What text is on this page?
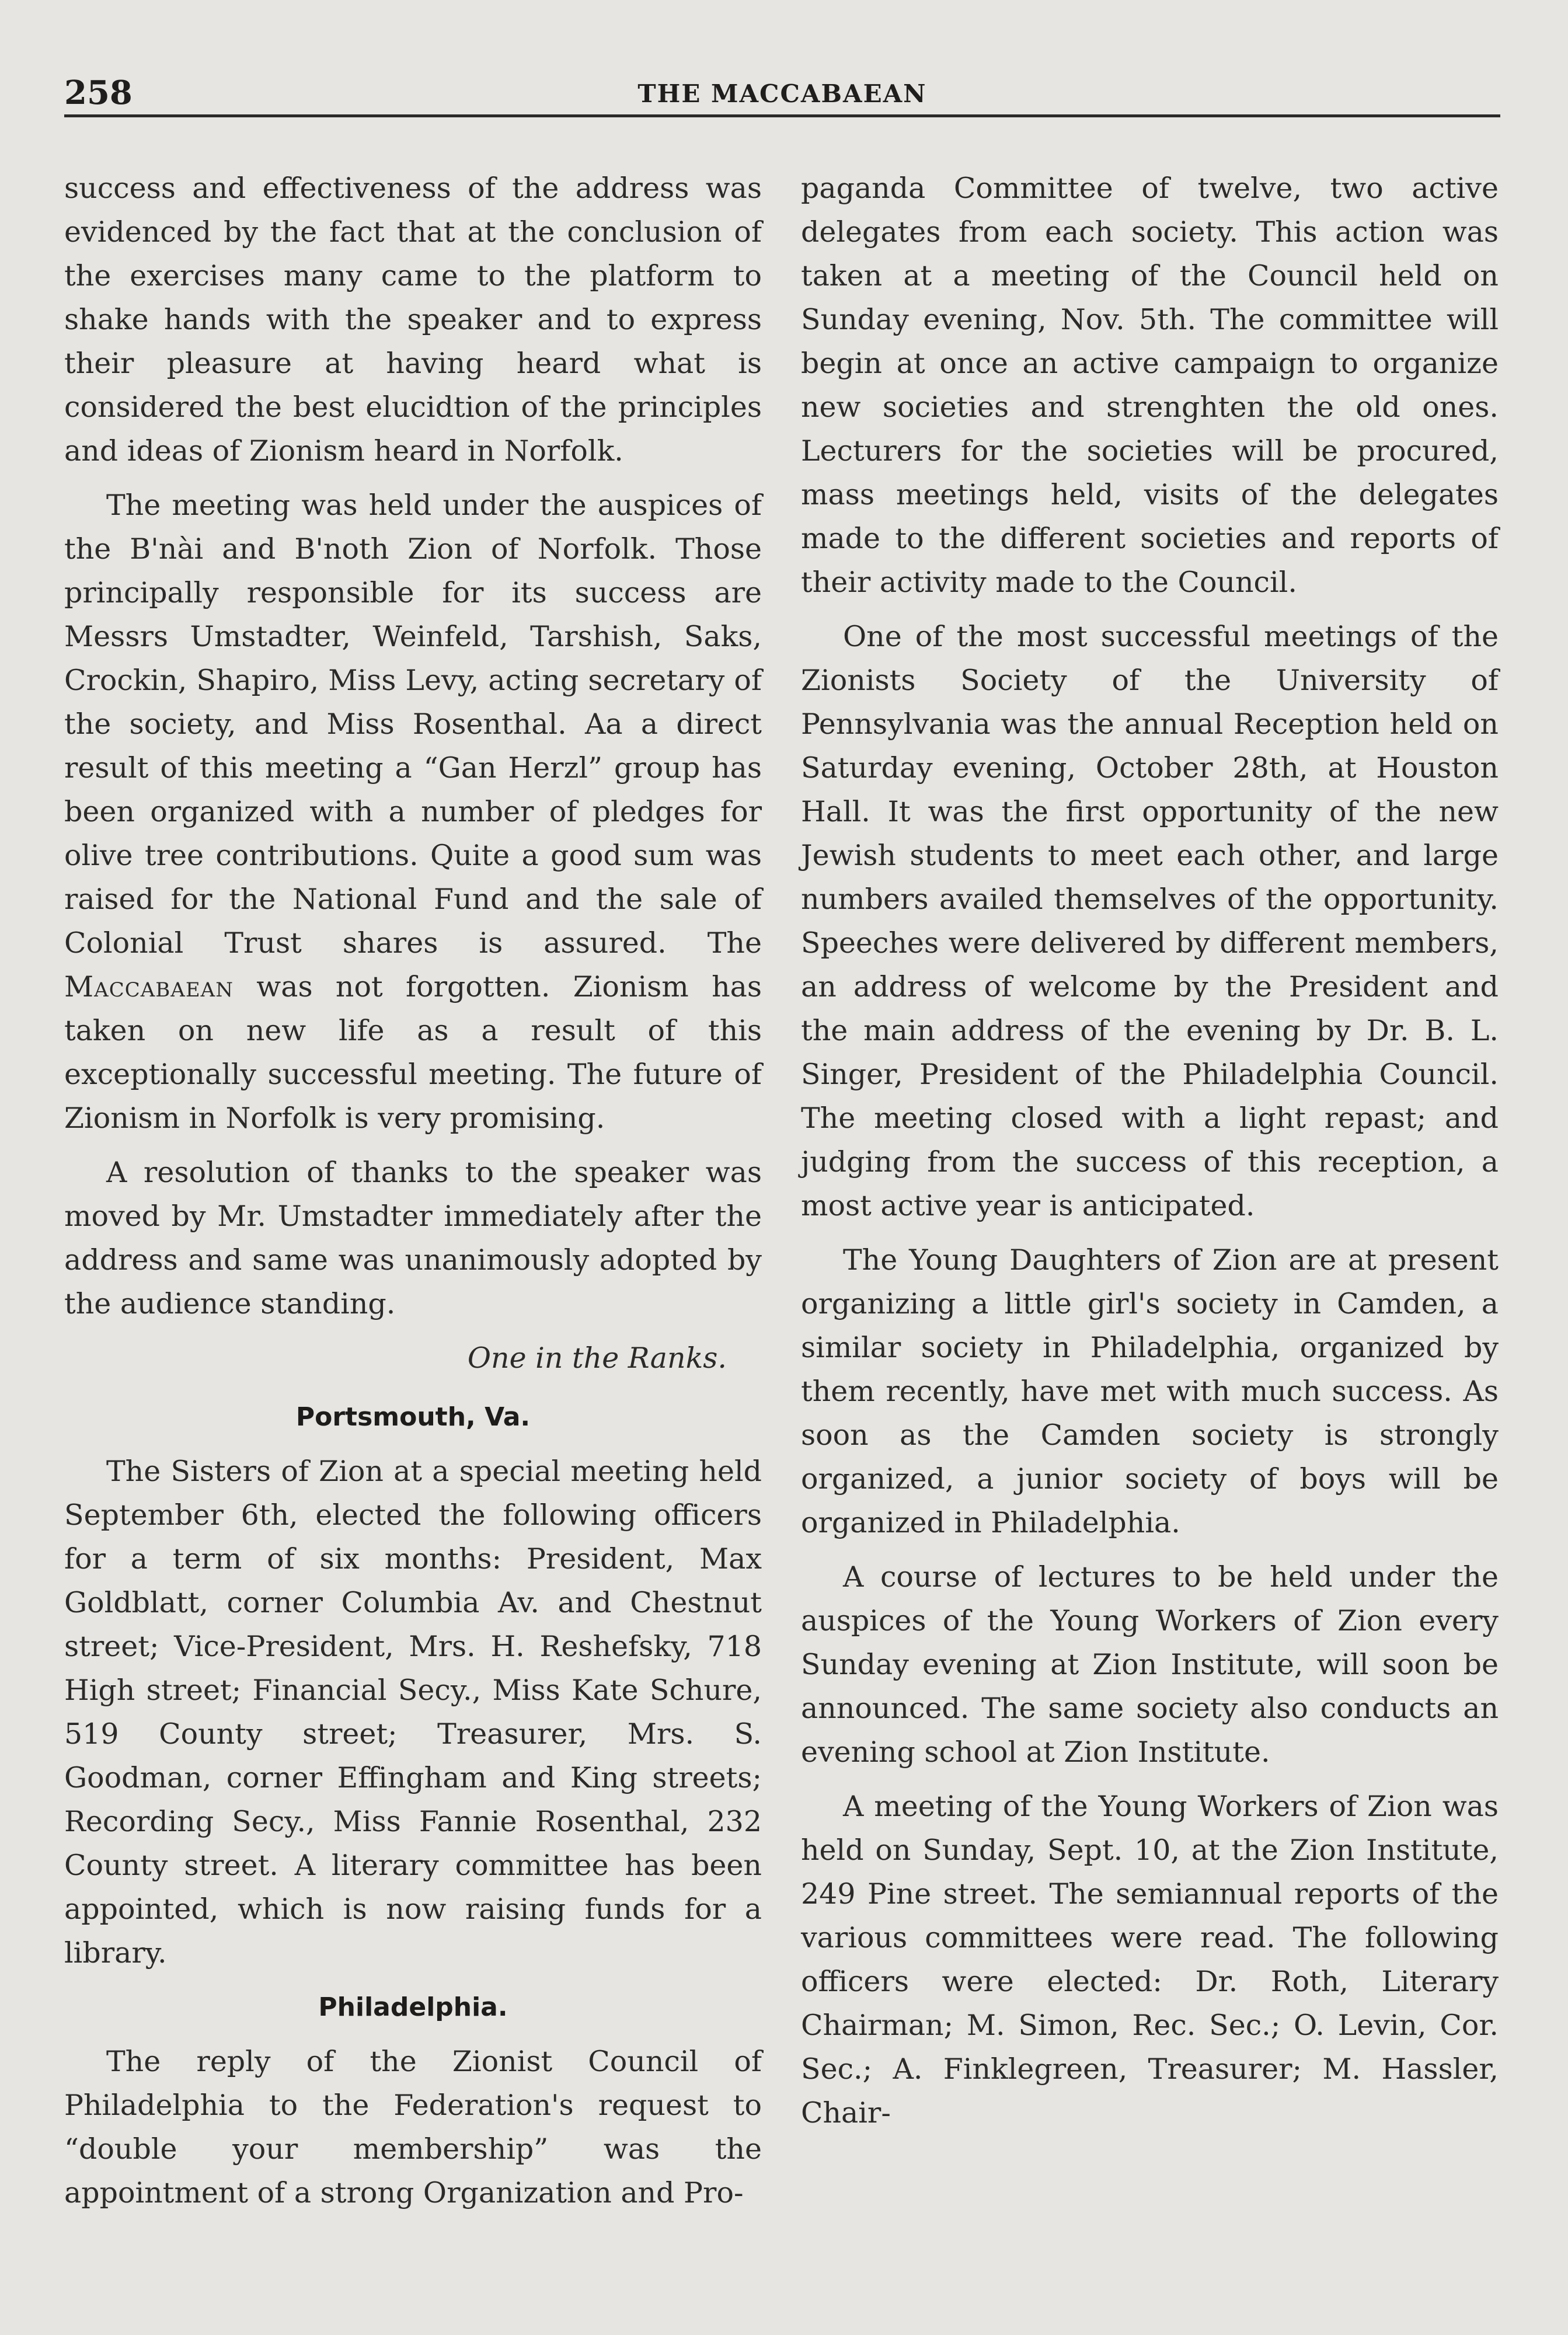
258	THE MACCABAEAN

success and effectiveness of the address was evidenced by the fact that at the conclusion of the exercises many came to the platform to shake hands with the speaker and to express their pleasure at having heard what is considered the best elucidtion of the principles and ideas of Zionism heard in Norfolk.

The meeting was held under the auspices of the B'nài and B'noth Zion of Norfolk. Those principally responsible for its success are Messrs Umstadter, Weinfeld, Tarshish, Saks, Crockin, Shapiro, Miss Levy, acting secretary of the society, and Miss Rosenthal. Aa a direct result of this meeting a “Gan Herzl” group has been organized with a number of pledges for olive tree contributions. Quite a good sum was raised for the National Fund and the sale of Colonial Trust shares is assured. The Maccabaean was not forgotten. Zionism has taken on new life as a result of this exceptionally successful meeting. The future of Zionism in Norfolk is very promising.

A resolution of thanks to the speaker was moved by Mr. Umstadter immediately after the address and same was unanimously adopted by the audience standing.

One in the Ranks.
Portsmouth, Va.

The Sisters of Zion at a special meeting held September 6th, elected the following officers for a term of six months: President, Max Goldblatt, corner Columbia Av. and Chestnut street; Vice-President, Mrs. H. Reshefsky, 718 High street; Financial Secy., Miss Kate Schure, 519 County street; Treasurer, Mrs. S. Goodman, corner Effingham and King streets; Recording Secy., Miss Fannie Rosenthal, 232 County street. A literary committee has been appointed, which is now raising funds for a library.

Philadelphia.

The reply of the Zionist Council of Philadelphia to the Federation's request to “double your membership” was the appointment of a strong Organization and Pro-

paganda Committee of twelve, two active delegates from each society. This action was taken at a meeting of the Council held on Sunday evening, Nov. 5th. The committee will begin at once an active campaign to organize new societies and strenghten the old ones. Lecturers for the societies will be procured, mass meetings held, visits of the delegates made to the different societies and reports of their activity made to the Council.

One of the most successful meetings of the Zionists Society of the University of Pennsylvania was the annual Reception held on Saturday evening, October 28th, at Houston Hall. It was the first opportunity of the new Jewish students to meet each other, and large numbers availed themselves of the opportunity. Speeches were delivered by different members, an address of welcome by the President and the main address of the evening by Dr. B. L. Singer, President of the Philadelphia Council. The meeting closed with a light repast; and judging from the success of this reception, a most active year is anticipated.

The Young Daughters of Zion are at present organizing a little girl's society in Camden, a similar society in Philadelphia, organized by them recently, have met with much success. As soon as the Camden society is strongly organized, a junior society of boys will be organized in Philadelphia.

A course of lectures to be held under the auspices of the Young Workers of Zion every Sunday evening at Zion Institute, will soon be announced. The same society also conducts an evening school at Zion Institute.

A meeting of the Young Workers of Zion was held on Sunday, Sept. 10, at the Zion Institute, 249 Pine street. The semiannual reports of the various committees were read. The following officers were elected: Dr. Roth, Literary Chairman; M. Simon, Rec. Sec.; O. Levin, Cor. Sec.; A. Finklegreen, Treasurer; M. Hassler, Chair-
